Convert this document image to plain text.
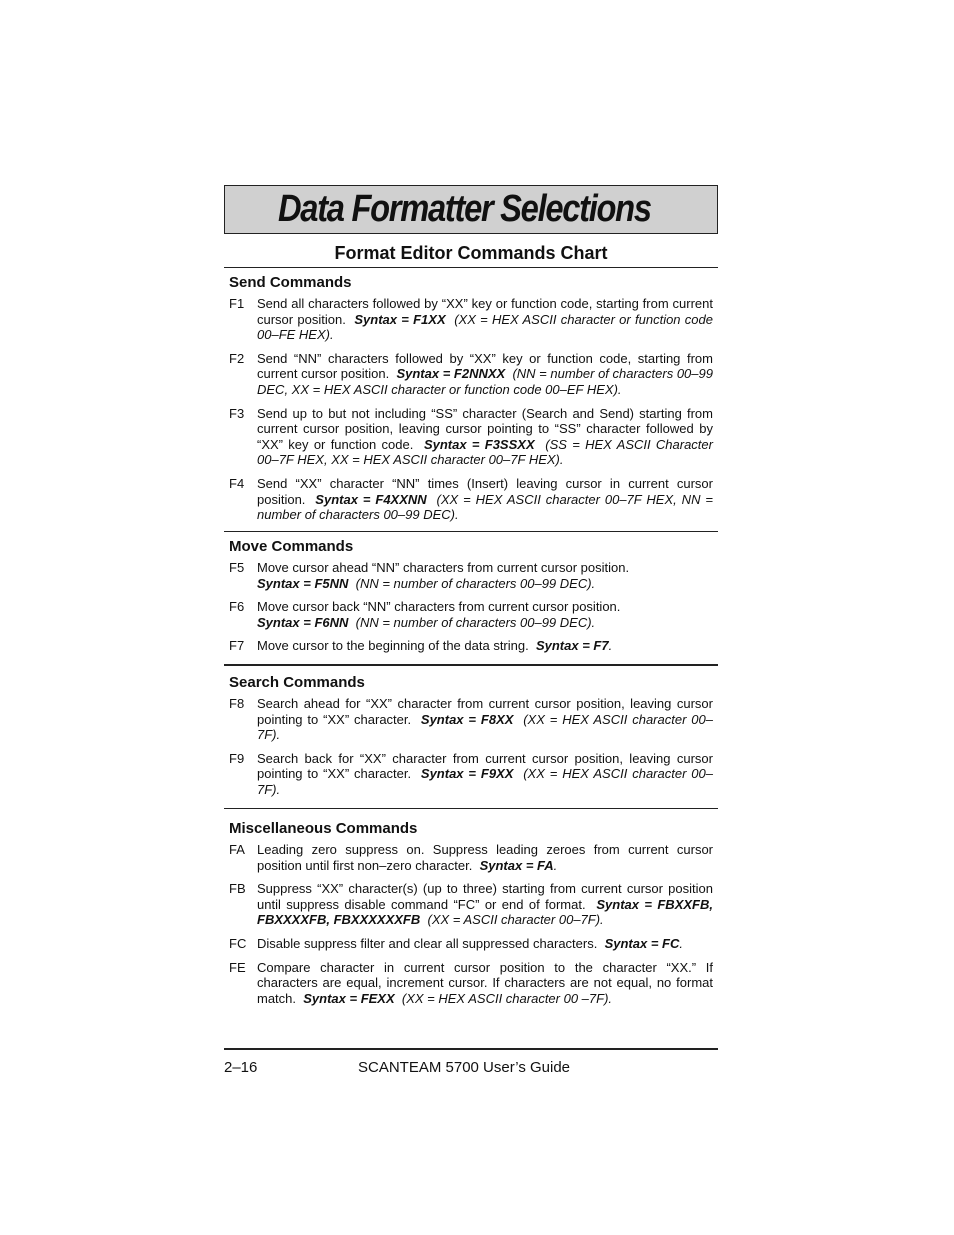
Data Formatter Selections
Format Editor Commands Chart
Send Commands
F1 Send all characters followed by “XX” key or function code, starting from current cursor position. Syntax = F1XX (XX = HEX ASCII character or function code 00–FE HEX).
F2 Send “NN” characters followed by “XX” key or function code, starting from current cursor position. Syntax = F2NNXX (NN = number of characters 00–99 DEC, XX = HEX ASCII character or function code 00–EF HEX).
F3 Send up to but not including “SS” character (Search and Send) starting from current cursor position, leaving cursor pointing to “SS” character followed by “XX” key or function code. Syntax = F3SSXX (SS = HEX ASCII Character 00–7F HEX, XX = HEX ASCII character 00–7F HEX).
F4 Send “XX” character “NN” times (Insert) leaving cursor in current cursor position. Syntax = F4XXNN (XX = HEX ASCII character 00–7F HEX, NN = number of characters 00–99 DEC).
Move Commands
F5 Move cursor ahead “NN” characters from current cursor position.
Syntax = F5NN (NN = number of characters 00–99 DEC).
F6 Move cursor back “NN” characters from current cursor position.
Syntax = F6NN (NN = number of characters 00–99 DEC).
F7 Move cursor to the beginning of the data string. Syntax = F7.
Search Commands
F8 Search ahead for “XX” character from current cursor position, leaving cursor pointing to “XX” character. Syntax = F8XX (XX = HEX ASCII character 00–7F).
F9 Search back for “XX” character from current cursor position, leaving cursor pointing to “XX” character. Syntax = F9XX (XX = HEX ASCII character 00–7F).
Miscellaneous Commands
FA Leading zero suppress on. Suppress leading zeroes from current cursor position until first non–zero character. Syntax = FA.
FB Suppress “XX” character(s) (up to three) starting from current cursor position until suppress disable command “FC” or end of format. Syntax = FBXXFB, FBXXXXFB, FBXXXXXXFB (XX = ASCII character 00–7F).
FC Disable suppress filter and clear all suppressed characters. Syntax = FC.
FE Compare character in current cursor position to the character “XX.” If characters are equal, increment cursor. If characters are not equal, no format match. Syntax = FEXX (XX = HEX ASCII character 00 –7F).
2–16	SCANTEAM 5700 User’s Guide
